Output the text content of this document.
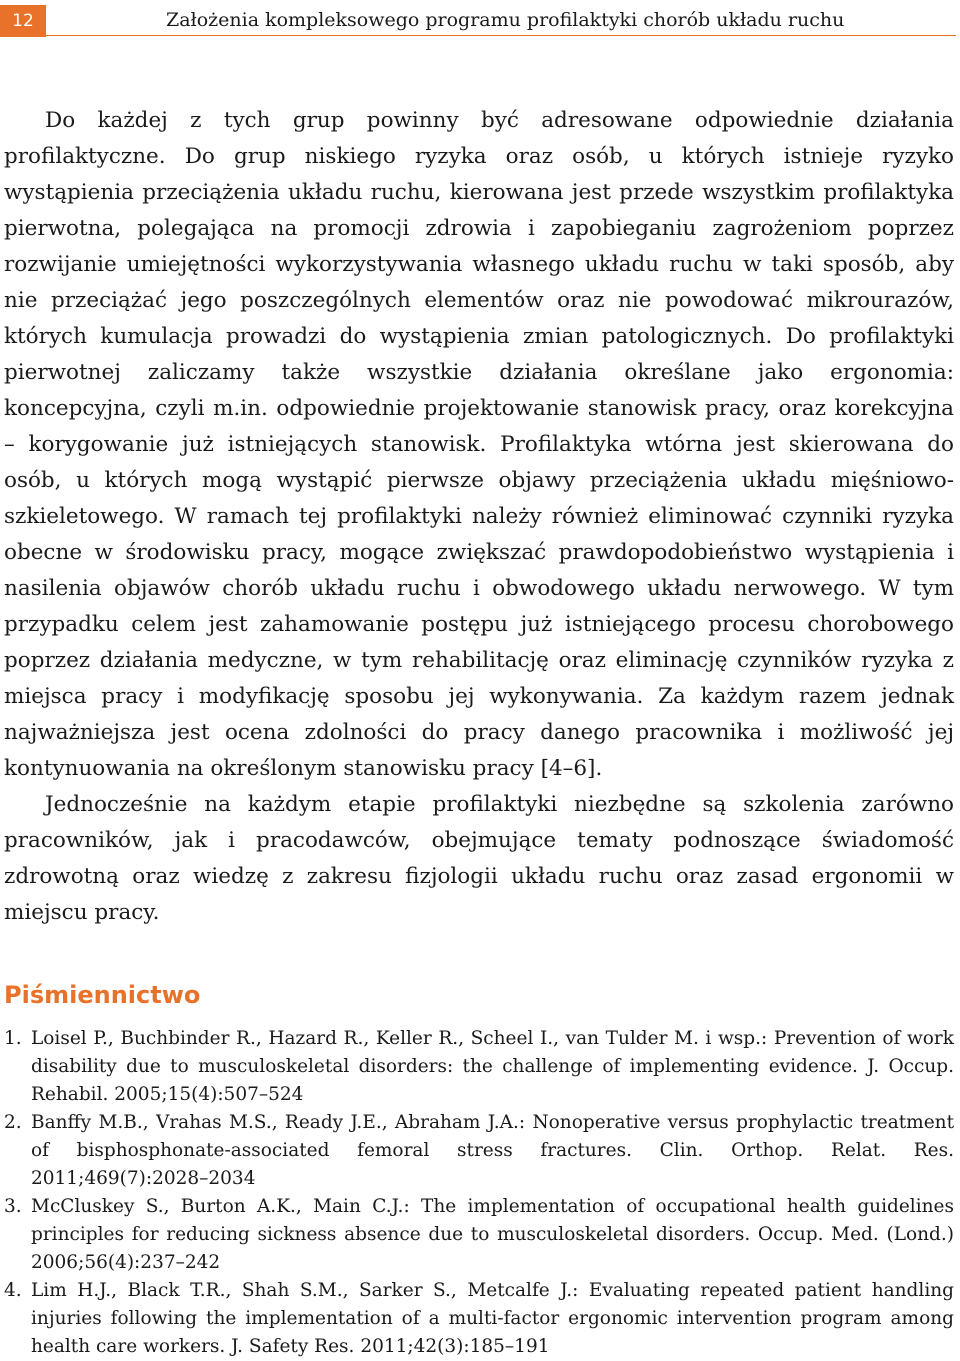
12	Założenia kompleksowego programu profilaktyki chorób układu ruchu

Do każdej z tych grup powinny być adresowane odpowiednie działania profilaktyczne. Do grup niskiego ryzyka oraz osób, u których istnieje ryzyko wystąpienia przeciążenia układu ruchu, kierowana jest przede wszystkim profilaktyka pierwotna, polegająca na promocji zdrowia i zapobieganiu zagrożeniom poprzez rozwijanie umiejętności wykorzystywania własnego układu ruchu w taki sposób, aby nie przeciążać jego poszczególnych elementów oraz nie powodować mikrourazów, których kumulacja prowadzi do wystąpienia zmian patologicznych. Do profilaktyki pierwotnej zaliczamy także wszystkie działania określane jako ergonomia: koncepcyjna, czyli m.in. odpowiednie projektowanie stanowisk pracy, oraz korekcyjna – korygowanie już istniejących stanowisk. Profilaktyka wtórna jest skierowana do osób, u których mogą wystąpić pierwsze objawy przeciążenia układu mięśniowo-szkieletowego. W ramach tej profilaktyki należy również eliminować czynniki ryzyka obecne w środowisku pracy, mogące zwiększać prawdopodobieństwo wystąpienia i nasilenia objawów chorób układu ruchu i obwodowego układu nerwowego. W tym przypadku celem jest zahamowanie postępu już istniejącego procesu chorobowego poprzez działania medyczne, w tym rehabilitację oraz eliminację czynników ryzyka z miejsca pracy i modyfikację sposobu jej wykonywania. Za każdym razem jednak najważniejsza jest ocena zdolności do pracy danego pracownika i możliwość jej kontynuowania na określonym stanowisku pracy [4–6].

Jednocześnie na każdym etapie profilaktyki niezbędne są szkolenia zarówno pracowników, jak i pracodawców, obejmujące tematy podnoszące świadomość zdrowotną oraz wiedzę z zakresu fizjologii układu ruchu oraz zasad ergonomii w miejscu pracy.

Piśmiennictwo
1. Loisel P., Buchbinder R., Hazard R., Keller R., Scheel I., van Tulder M. i wsp.: Prevention of work disability due to musculoskeletal disorders: the challenge of implementing evidence. J. Occup. Rehabil. 2005;15(4):507–524
2. Banffy M.B., Vrahas M.S., Ready J.E., Abraham J.A.: Nonoperative versus prophylactic treatment of bisphosphonate-associated femoral stress fractures. Clin. Orthop. Relat. Res. 2011;469(7):2028–2034
3. McCluskey S., Burton A.K., Main C.J.: The implementation of occupational health guidelines principles for reducing sickness absence due to musculoskeletal disorders. Occup. Med. (Lond.) 2006;56(4):237–242
4. Lim H.J., Black T.R., Shah S.M., Sarker S., Metcalfe J.: Evaluating repeated patient handling injuries following the implementation of a multi-factor ergonomic intervention program among health care workers. J. Safety Res. 2011;42(3):185–191
